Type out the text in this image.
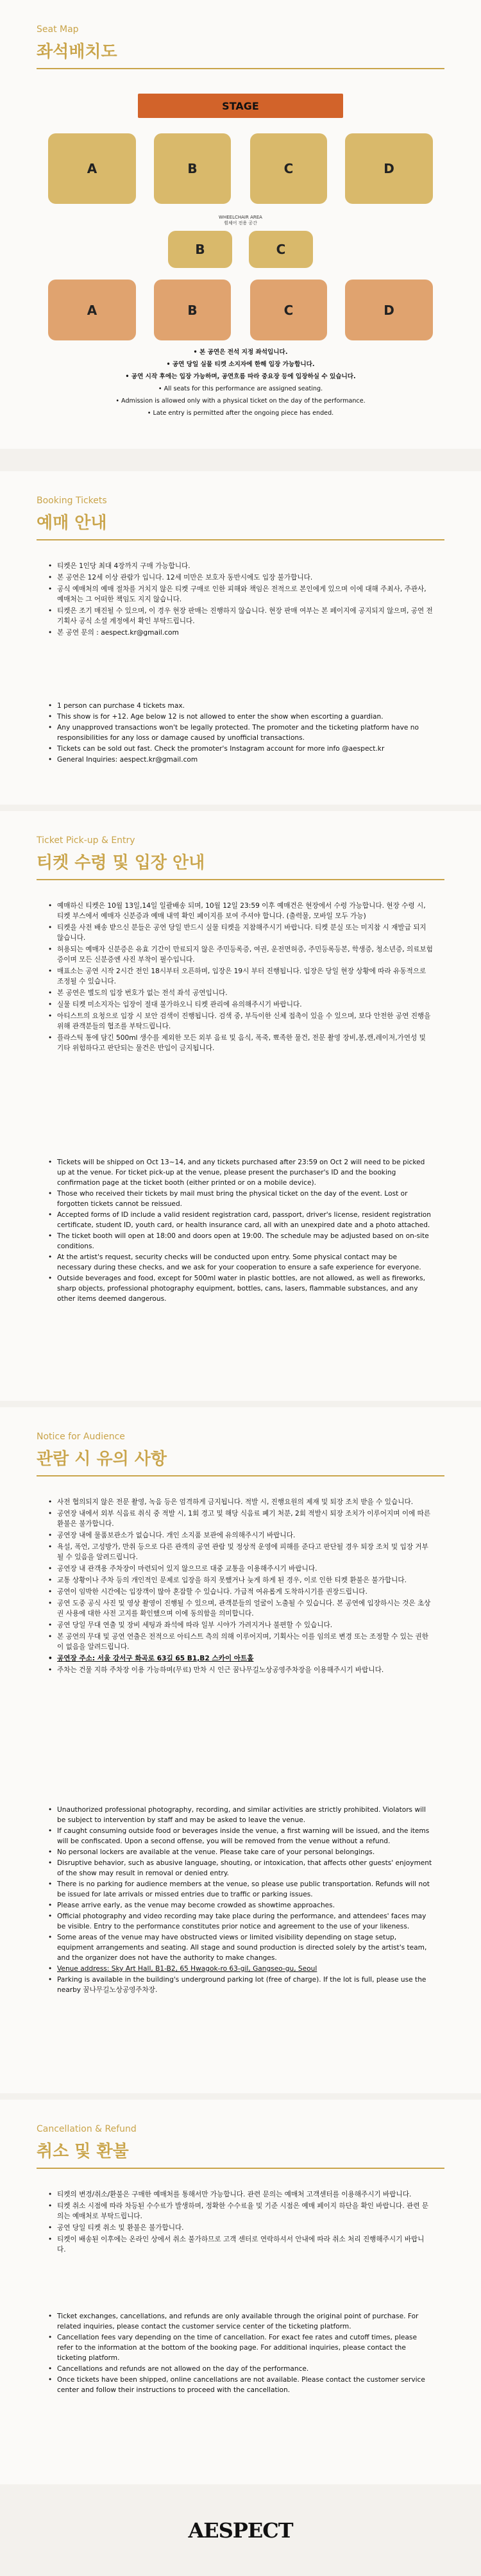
Seat Map
좌석배치도
STAGE
A	B	C	D
WHEELCHAIR AREA
휠체어 전용 공간
B	C
A	B	C	D
• 본 공연은 전석 지정 좌석입니다.
• 공연 당일 실물 티켓 소지자에 한해 입장 가능합니다.
• 공연 시작 후에는 입장 가능하며, 공연흐름 따라 중요장 등에 입장하실 수 있습니다.
• All seats for this performance are assigned seating.
• Admission is allowed only with a physical ticket on the day of the performance.
• Late entry is permitted after the ongoing piece has ended.
Booking Tickets
예매 안내
• 티켓은 1인당 최대 4장까지 구매 가능합니다.
• 본 공연은 12세 이상 관람가 입니다. 12세 미만은 보호자 동반시에도 입장 불가합니다.
• 공식 예매처의 예매 절차를 거치지 않은 티켓 구매로 인한 피해와 책임은 전적으로 본인에게 있으며 이에 대해 주최사, 주관사, 예매처는 그 어떠한 책임도 지지 않습니다.
• 티켓은 조기 매진될 수 있으며, 이 경우 현장 판매는 진행하지 않습니다. 현장 판매 여부는 본 페이지에 공지되지 않으며, 공연 전 기획사 공식 소셜 계정에서 확인 부탁드립니다.
• 본 공연 문의 : aespect.kr@gmail.com
• 1 person can purchase 4 tickets max.
• This show is for +12. Age below 12 is not allowed to enter the show when escorting a guardian.
• Any unapproved transactions won't be legally protected. The promoter and the ticketing platform have no responsibilities for any loss or damage caused by unofficial transactions.
• Tickets can be sold out fast. Check the promoter's Instagram account for more info @aespect.kr
• General Inquiries: aespect.kr@gmail.com
Ticket Pick-up & Entry
티켓 수령 및 입장 안내
• 예매하신 티켓은 10월 13일,14일 일괄배송 되며, 10월 12일 23:59 이후 예매건은 현장에서 수령 가능합니다. 현장 수령 시, 티켓 부스에서 예매자 신분증과 예매 내역 확인 페이지를 보여 주셔야 합니다. (출력물, 모바일 모두 가능)
• 티켓을 사전 배송 받으신 분들은 공연 당일 반드시 실물 티켓을 지참해주시기 바랍니다. 티켓 분실 또는 미지참 시 재발급 되지 않습니다.
• 허용되는 예매자 신분증은 유효 기간이 만료되지 않은 주민등록증, 여권, 운전면허증, 주민등록등본, 학생증, 청소년증, 의료보험증이며 모든 신분증엔 사진 부착이 필수입니다.
• 매표소는 공연 시작 2시간 전인 18시부터 오픈하며, 입장은 19시 부터 진행됩니다. 입장은 당일 현장 상황에 따라 유동적으로 조정될 수 있습니다.
• 본 공연은 별도의 입장 번호가 없는 전석 좌석 공연입니다.
• 실물 티켓 미소지자는 입장이 절대 불가하오니 티켓 관리에 유의해주시기 바랍니다.
• 아티스트의 요청으로 입장 시 보안 검색이 진행됩니다. 검색 중, 부득이한 신체 접촉이 있을 수 있으며, 보다 안전한 공연 진행을 위해 관객분들의 협조를 부탁드립니다.
• 플라스틱 통에 담긴 500ml 생수를 제외한 모든 외부 음료 및 음식, 폭죽, 뾰족한 물건, 전문 촬영 장비,봉,캔,레이저,가연성 및 기타 위험하다고 판단되는 물건은 반입이 금지됩니다.
• Tickets will be shipped on Oct 13~14, and any tickets purchased after 23:59 on Oct 2 will need to be picked up at the venue. For ticket pick-up at the venue, please present the purchaser's ID and the booking confirmation page at the ticket booth (either printed or on a mobile device).
• Those who received their tickets by mail must bring the physical ticket on the day of the event. Lost or forgotten tickets cannot be reissued.
• Accepted forms of ID include a valid resident registration card, passport, driver's license, resident registration certificate, student ID, youth card, or health insurance card, all with an unexpired date and a photo attached.
• The ticket booth will open at 18:00 and doors open at 19:00. The schedule may be adjusted based on on-site conditions.
• At the artist's request, security checks will be conducted upon entry. Some physical contact may be necessary during these checks, and we ask for your cooperation to ensure a safe experience for everyone.
• Outside beverages and food, except for 500ml water in plastic bottles, are not allowed, as well as fireworks, sharp objects, professional photography equipment, bottles, cans, lasers, flammable substances, and any other items deemed dangerous.
Notice for Audience
관람 시 유의 사항
• 사전 협의되지 않은 전문 촬영, 녹음 등은 엄격하게 금지됩니다. 적발 시, 진행요원의 제재 및 퇴장 조치 받을 수 있습니다.
• 공연장 내에서 외부 식음료 취식 중 적발 시, 1회 경고 및 해당 식음료 폐기 처분, 2회 적발시 퇴장 조치가 이루어지며 이에 따른 환불은 불가합니다.
• 공연장 내에 물품보관소가 없습니다. 개인 소지품 보관에 유의해주시기 바랍니다.
• 욕설, 폭언, 고성방가, 만취 등으로 다른 관객의 공연 관람 및 정상적 운영에 피해를 준다고 판단될 경우 퇴장 조치 및 입장 거부될 수 있음을 알려드립니다.
• 공연장 내 관객용 주차장이 마련되어 있지 않으므로 대중 교통을 이용해주시기 바랍니다.
• 교통 상황이나 주차 등의 개인적인 문제로 입장을 하지 못했거나 늦게 하게 된 경우, 이로 인한 티켓 환불은 불가합니다.
• 공연이 임박한 시간에는 입장객이 많아 혼잡할 수 있습니다. 가급적 여유롭게 도착하시기를 권장드립니다.
• 공연 도중 공식 사진 및 영상 촬영이 진행될 수 있으며, 관객분들의 얼굴이 노출될 수 있습니다. 본 공연에 입장하시는 것은 초상권 사용에 대한 사전 고지를 확인했으며 이에 동의함을 의미합니다.
• 공연 당일 무대 연출 및 장비 세팅과 좌석에 따라 일부 시야가 가려지거나 불편할 수 있습니다.
• 본 공연의 무대 및 공연 연출은 전적으로 아티스트 측의 의해 이루어지며, 기획사는 이를 임의로 변경 또는 조정할 수 있는 권한이 없음을 알려드립니다.
• 공연장 주소: 서울 강서구 화곡로 63길 65 B1,B2 스카이 아트홀
• 주차는 건물 지하 주차장 이용 가능하며(무료) 만차 시 인근 꿈나무길노상공영주차장을 이용해주시기 바랍니다.
• Unauthorized professional photography, recording, and similar activities are strictly prohibited. Violators will be subject to intervention by staff and may be asked to leave the venue.
• If caught consuming outside food or beverages inside the venue, a first warning will be issued, and the items will be confiscated. Upon a second offense, you will be removed from the venue without a refund.
• No personal lockers are available at the venue. Please take care of your personal belongings.
• Disruptive behavior, such as abusive language, shouting, or intoxication, that affects other guests' enjoyment of the show may result in removal or denied entry.
• There is no parking for audience members at the venue, so please use public transportation. Refunds will not be issued for late arrivals or missed entries due to traffic or parking issues.
• Please arrive early, as the venue may become crowded as showtime approaches.
• Official photography and video recording may take place during the performance, and attendees' faces may be visible. Entry to the performance constitutes prior notice and agreement to the use of your likeness.
• Some areas of the venue may have obstructed views or limited visibility depending on stage setup, equipment arrangements and seating. All stage and sound production is directed solely by the artist's team, and the organizer does not have the authority to make changes.
• Venue address: Sky Art Hall, B1-B2, 65 Hwagok-ro 63-gil, Gangseo-gu, Seoul
• Parking is available in the building's underground parking lot (free of charge). If the lot is full, please use the nearby 꿈나무길노상공영주차장.
Cancellation & Refund
취소 및 환불
• 티켓의 변경/취소/환불은 구매한 예매처를 통해서만 가능합니다. 관련 문의는 예매처 고객센터를 이용해주시기 바랍니다.
• 티켓 취소 시점에 따라 차등된 수수료가 발생하며, 정확한 수수료율 및 기준 시점은 예매 페이지 하단을 확인 바랍니다. 관련 문의는 예매처로 부탁드립니다.
• 공연 당일 티켓 취소 및 환불은 불가합니다.
• 티켓이 배송된 이후에는 온라인 상에서 취소 불가하므로 고객 센터로 연락하셔서 안내에 따라 취소 처리 진행해주시기 바랍니다.
• Ticket exchanges, cancellations, and refunds are only available through the original point of purchase. For related inquiries, please contact the customer service center of the ticketing platform.
• Cancellation fees vary depending on the time of cancellation. For exact fee rates and cutoff times, please refer to the information at the bottom of the booking page. For additional inquiries, please contact the ticketing platform.
• Cancellations and refunds are not allowed on the day of the performance.
• Once tickets have been shipped, online cancellations are not available. Please contact the customer service center and follow their instructions to proceed with the cancellation.
AESPECT
